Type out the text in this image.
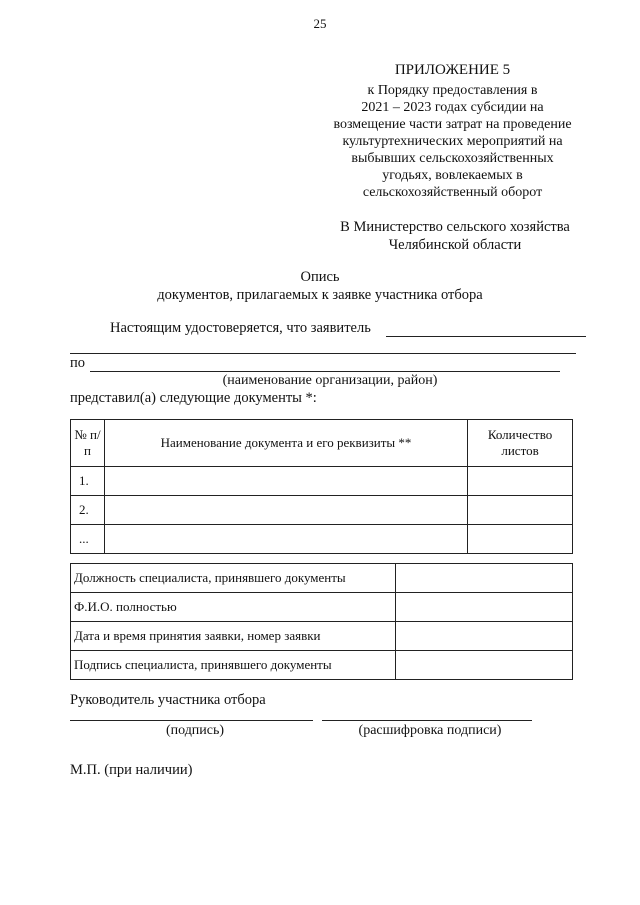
25
ПРИЛОЖЕНИЕ 5
к Порядку предоставления в
2021 – 2023 годах субсидии на
возмещение части затрат на проведение
культуртехнических мероприятий на
выбывших сельскохозяйственных
угодьях, вовлекаемых в
сельскохозяйственный оборот
В Министерство сельского хозяйства
Челябинской области
Опись
документов, прилагаемых к заявке участника отбора
Настоящим удостоверяется, что заявитель
по
(наименование организации, район)
представил(а) следующие документы *:
№ п/п	Наименование документа и его реквизиты **	Количество листов
1.		
2.		
...		
Должность специалиста, принявшего документы	
Ф.И.О. полностью	
Дата и время принятия заявки, номер заявки	
Подпись специалиста, принявшего документы	
Руководитель участника отбора
(подпись)	(расшифровка подписи)
М.П. (при наличии)
